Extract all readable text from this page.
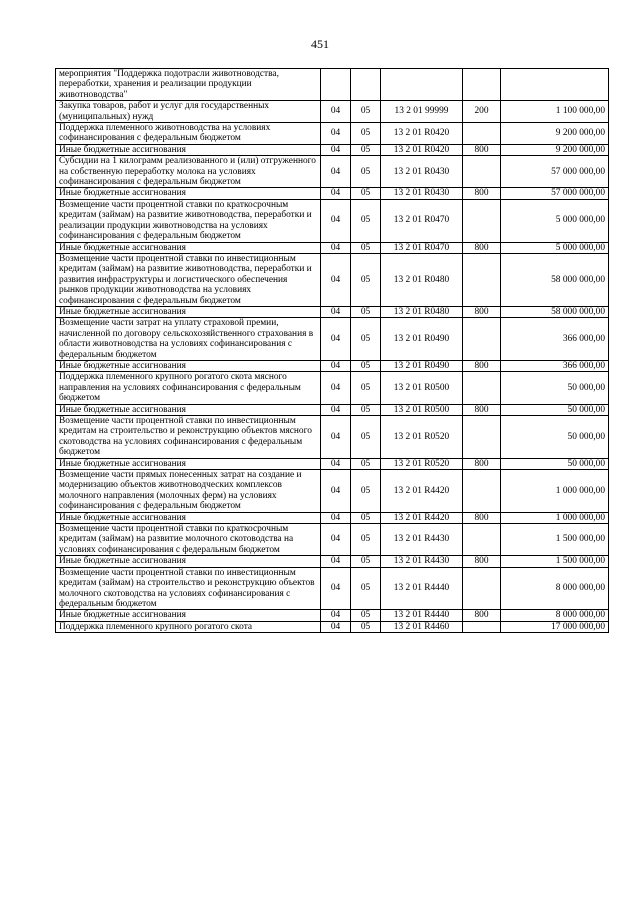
451
мероприятия "Поддержка подотрасли животноводства, переработки, хранения и реализации продукции животноводства"					
Закупка товаров, работ и услуг для государственных (муниципальных) нужд	04	05	13 2 01 99999	200	1 100 000,00
Поддержка племенного животноводства на условиях софинансирования с федеральным бюджетом	04	05	13 2 01 R0420		9 200 000,00
Иные бюджетные ассигнования	04	05	13 2 01 R0420	800	9 200 000,00
Субсидии на 1 килограмм реализованного и (или) отгруженного на собственную переработку молока на условиях софинансирования с федеральным бюджетом	04	05	13 2 01 R0430		57 000 000,00
Иные бюджетные ассигнования	04	05	13 2 01 R0430	800	57 000 000,00
Возмещение части процентной ставки по краткосрочным кредитам (займам) на развитие животноводства, переработки и реализации продукции животноводства на условиях софинансирования с федеральным бюджетом	04	05	13 2 01 R0470		5 000 000,00
Иные бюджетные ассигнования	04	05	13 2 01 R0470	800	5 000 000,00
Возмещение части процентной ставки по инвестиционным кредитам (займам) на развитие животноводства, переработки и развития инфраструктуры и логистического обеспечения рынков продукции животноводства на условиях софинансирования с федеральным бюджетом	04	05	13 2 01 R0480		58 000 000,00
Иные бюджетные ассигнования	04	05	13 2 01 R0480	800	58 000 000,00
Возмещение части затрат на уплату страховой премии, начисленной по договору сельскохозяйственного страхования в области животноводства на условиях софинансирования с федеральным бюджетом	04	05	13 2 01 R0490		366 000,00
Иные бюджетные ассигнования	04	05	13 2 01 R0490	800	366 000,00
Поддержка племенного крупного рогатого скота мясного направления на условиях софинансирования с федеральным бюджетом	04	05	13 2 01 R0500		50 000,00
Иные бюджетные ассигнования	04	05	13 2 01 R0500	800	50 000,00
Возмещение части процентной ставки по инвестиционным кредитам на строительство и реконструкцию объектов мясного скотоводства на условиях софинансирования с федеральным бюджетом	04	05	13 2 01 R0520		50 000,00
Иные бюджетные ассигнования	04	05	13 2 01 R0520	800	50 000,00
Возмещение части прямых понесенных затрат на создание и модернизацию объектов животноводческих комплексов молочного направления (молочных ферм) на условиях софинансирования с федеральным бюджетом	04	05	13 2 01 R4420		1 000 000,00
Иные бюджетные ассигнования	04	05	13 2 01 R4420	800	1 000 000,00
Возмещение части процентной ставки по краткосрочным кредитам (займам) на развитие молочного скотоводства на условиях софинансирования с федеральным бюджетом	04	05	13 2 01 R4430		1 500 000,00
Иные бюджетные ассигнования	04	05	13 2 01 R4430	800	1 500 000,00
Возмещение части процентной ставки по инвестиционным кредитам (займам) на строительство и реконструкцию объектов молочного скотоводства на условиях софинансирования с федеральным бюджетом	04	05	13 2 01 R4440		8 000 000,00
Иные бюджетные ассигнования	04	05	13 2 01 R4440	800	8 000 000,00
Поддержка племенного крупного рогатого скота	04	05	13 2 01 R4460		17 000 000,00
